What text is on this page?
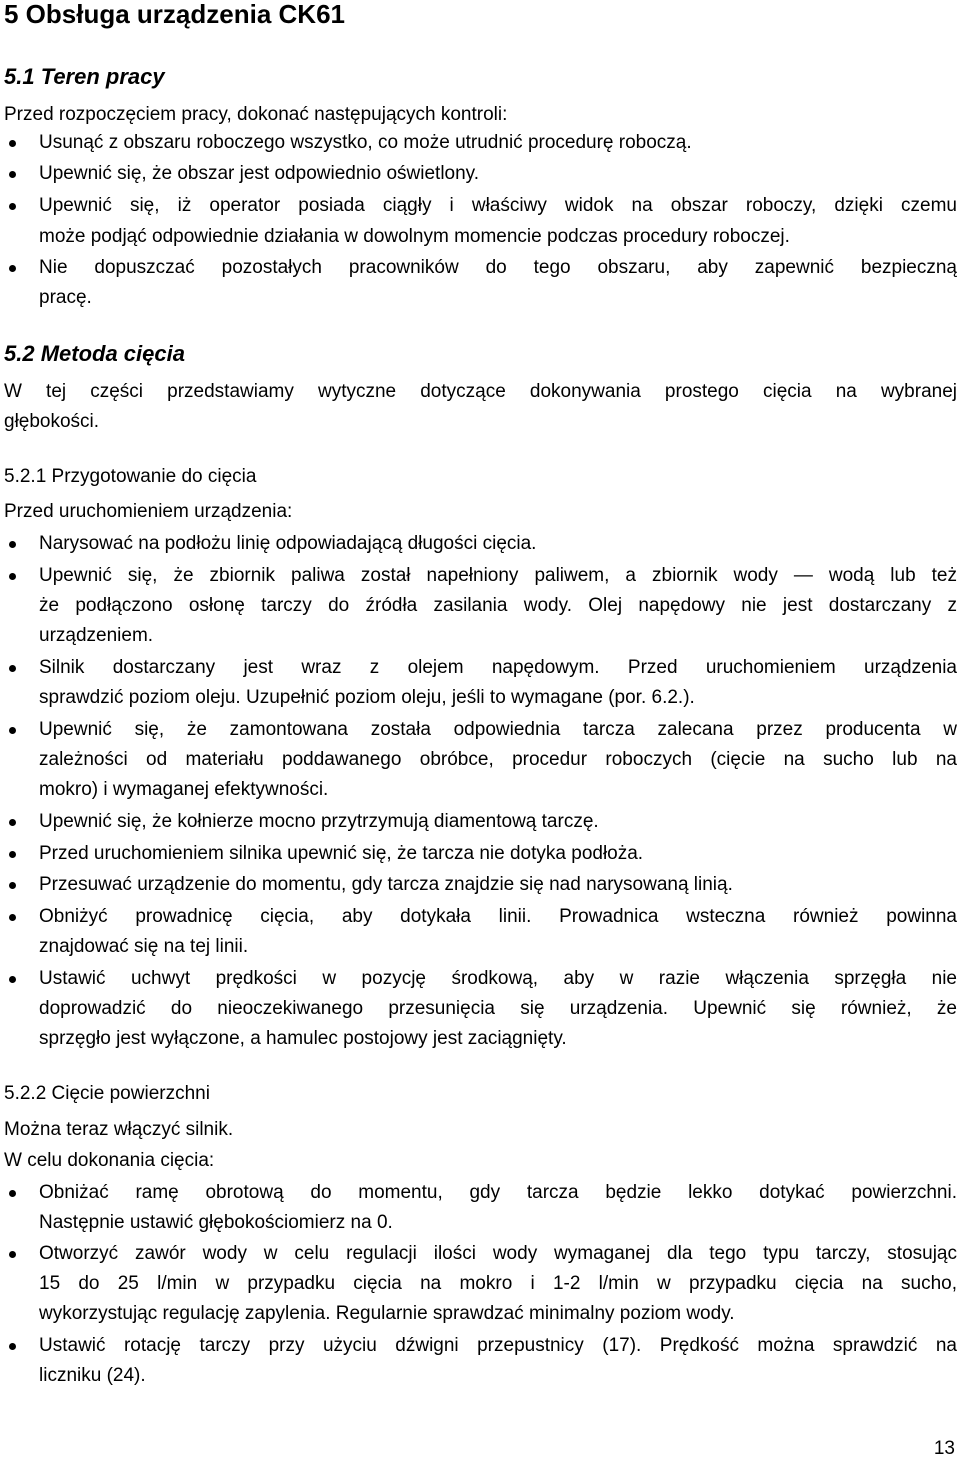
5 Obsługa urządzenia CK61
5.1 Teren pracy
Przed rozpoczęciem pracy, dokonać następujących kontroli:
Usunąć z obszaru roboczego wszystko, co może utrudnić procedurę roboczą.
Upewnić się, że obszar jest odpowiednio oświetlony.
Upewnić się, iż operator posiada ciągły i właściwy widok na obszar roboczy, dzięki czemu
może podjąć odpowiednie działania w dowolnym momencie podczas procedury roboczej.
Nie dopuszczać pozostałych pracowników do tego obszaru, aby zapewnić bezpieczną
pracę.
5.2 Metoda cięcia
W tej części przedstawiamy wytyczne dotyczące dokonywania prostego cięcia na wybranej
głębokości.
5.2.1 Przygotowanie do cięcia
Przed uruchomieniem urządzenia:
Narysować na podłożu linię odpowiadającą długości cięcia.
Upewnić się, że zbiornik paliwa został napełniony paliwem, a zbiornik wody — wodą lub też
że podłączono osłonę tarczy do źródła zasilania wody. Olej napędowy nie jest dostarczany z
urządzeniem.
Silnik dostarczany jest wraz z olejem napędowym. Przed uruchomieniem urządzenia
sprawdzić poziom oleju. Uzupełnić poziom oleju, jeśli to wymagane (por. 6.2.).
Upewnić się, że zamontowana została odpowiednia tarcza zalecana przez producenta w
zależności od materiału poddawanego obróbce, procedur roboczych (cięcie na sucho lub na
mokro) i wymaganej efektywności.
Upewnić się, że kołnierze mocno przytrzymują diamentową tarczę.
Przed uruchomieniem silnika upewnić się, że tarcza nie dotyka podłoża.
Przesuwać urządzenie do momentu, gdy tarcza znajdzie się nad narysowaną linią.
Obniżyć prowadnicę cięcia, aby dotykała linii. Prowadnica wsteczna również powinna
znajdować się na tej linii.
Ustawić uchwyt prędkości w pozycję środkową, aby w razie włączenia sprzęgła nie
doprowadzić do nieoczekiwanego przesunięcia się urządzenia. Upewnić się również, że
sprzęgło jest wyłączone, a hamulec postojowy jest zaciągnięty.
5.2.2 Cięcie powierzchni
Można teraz włączyć silnik.
W celu dokonania cięcia:
Obniżać ramę obrotową do momentu, gdy tarcza będzie lekko dotykać powierzchni.
Następnie ustawić głębokościomierz na 0.
Otworzyć zawór wody w celu regulacji ilości wody wymaganej dla tego typu tarczy, stosując
15 do 25 l/min w przypadku cięcia na mokro i 1-2 l/min w przypadku cięcia na sucho,
wykorzystując regulację zapylenia. Regularnie sprawdzać minimalny poziom wody.
Ustawić rotację tarczy przy użyciu dźwigni przepustnicy (17). Prędkość można sprawdzić na
liczniku (24).
13
